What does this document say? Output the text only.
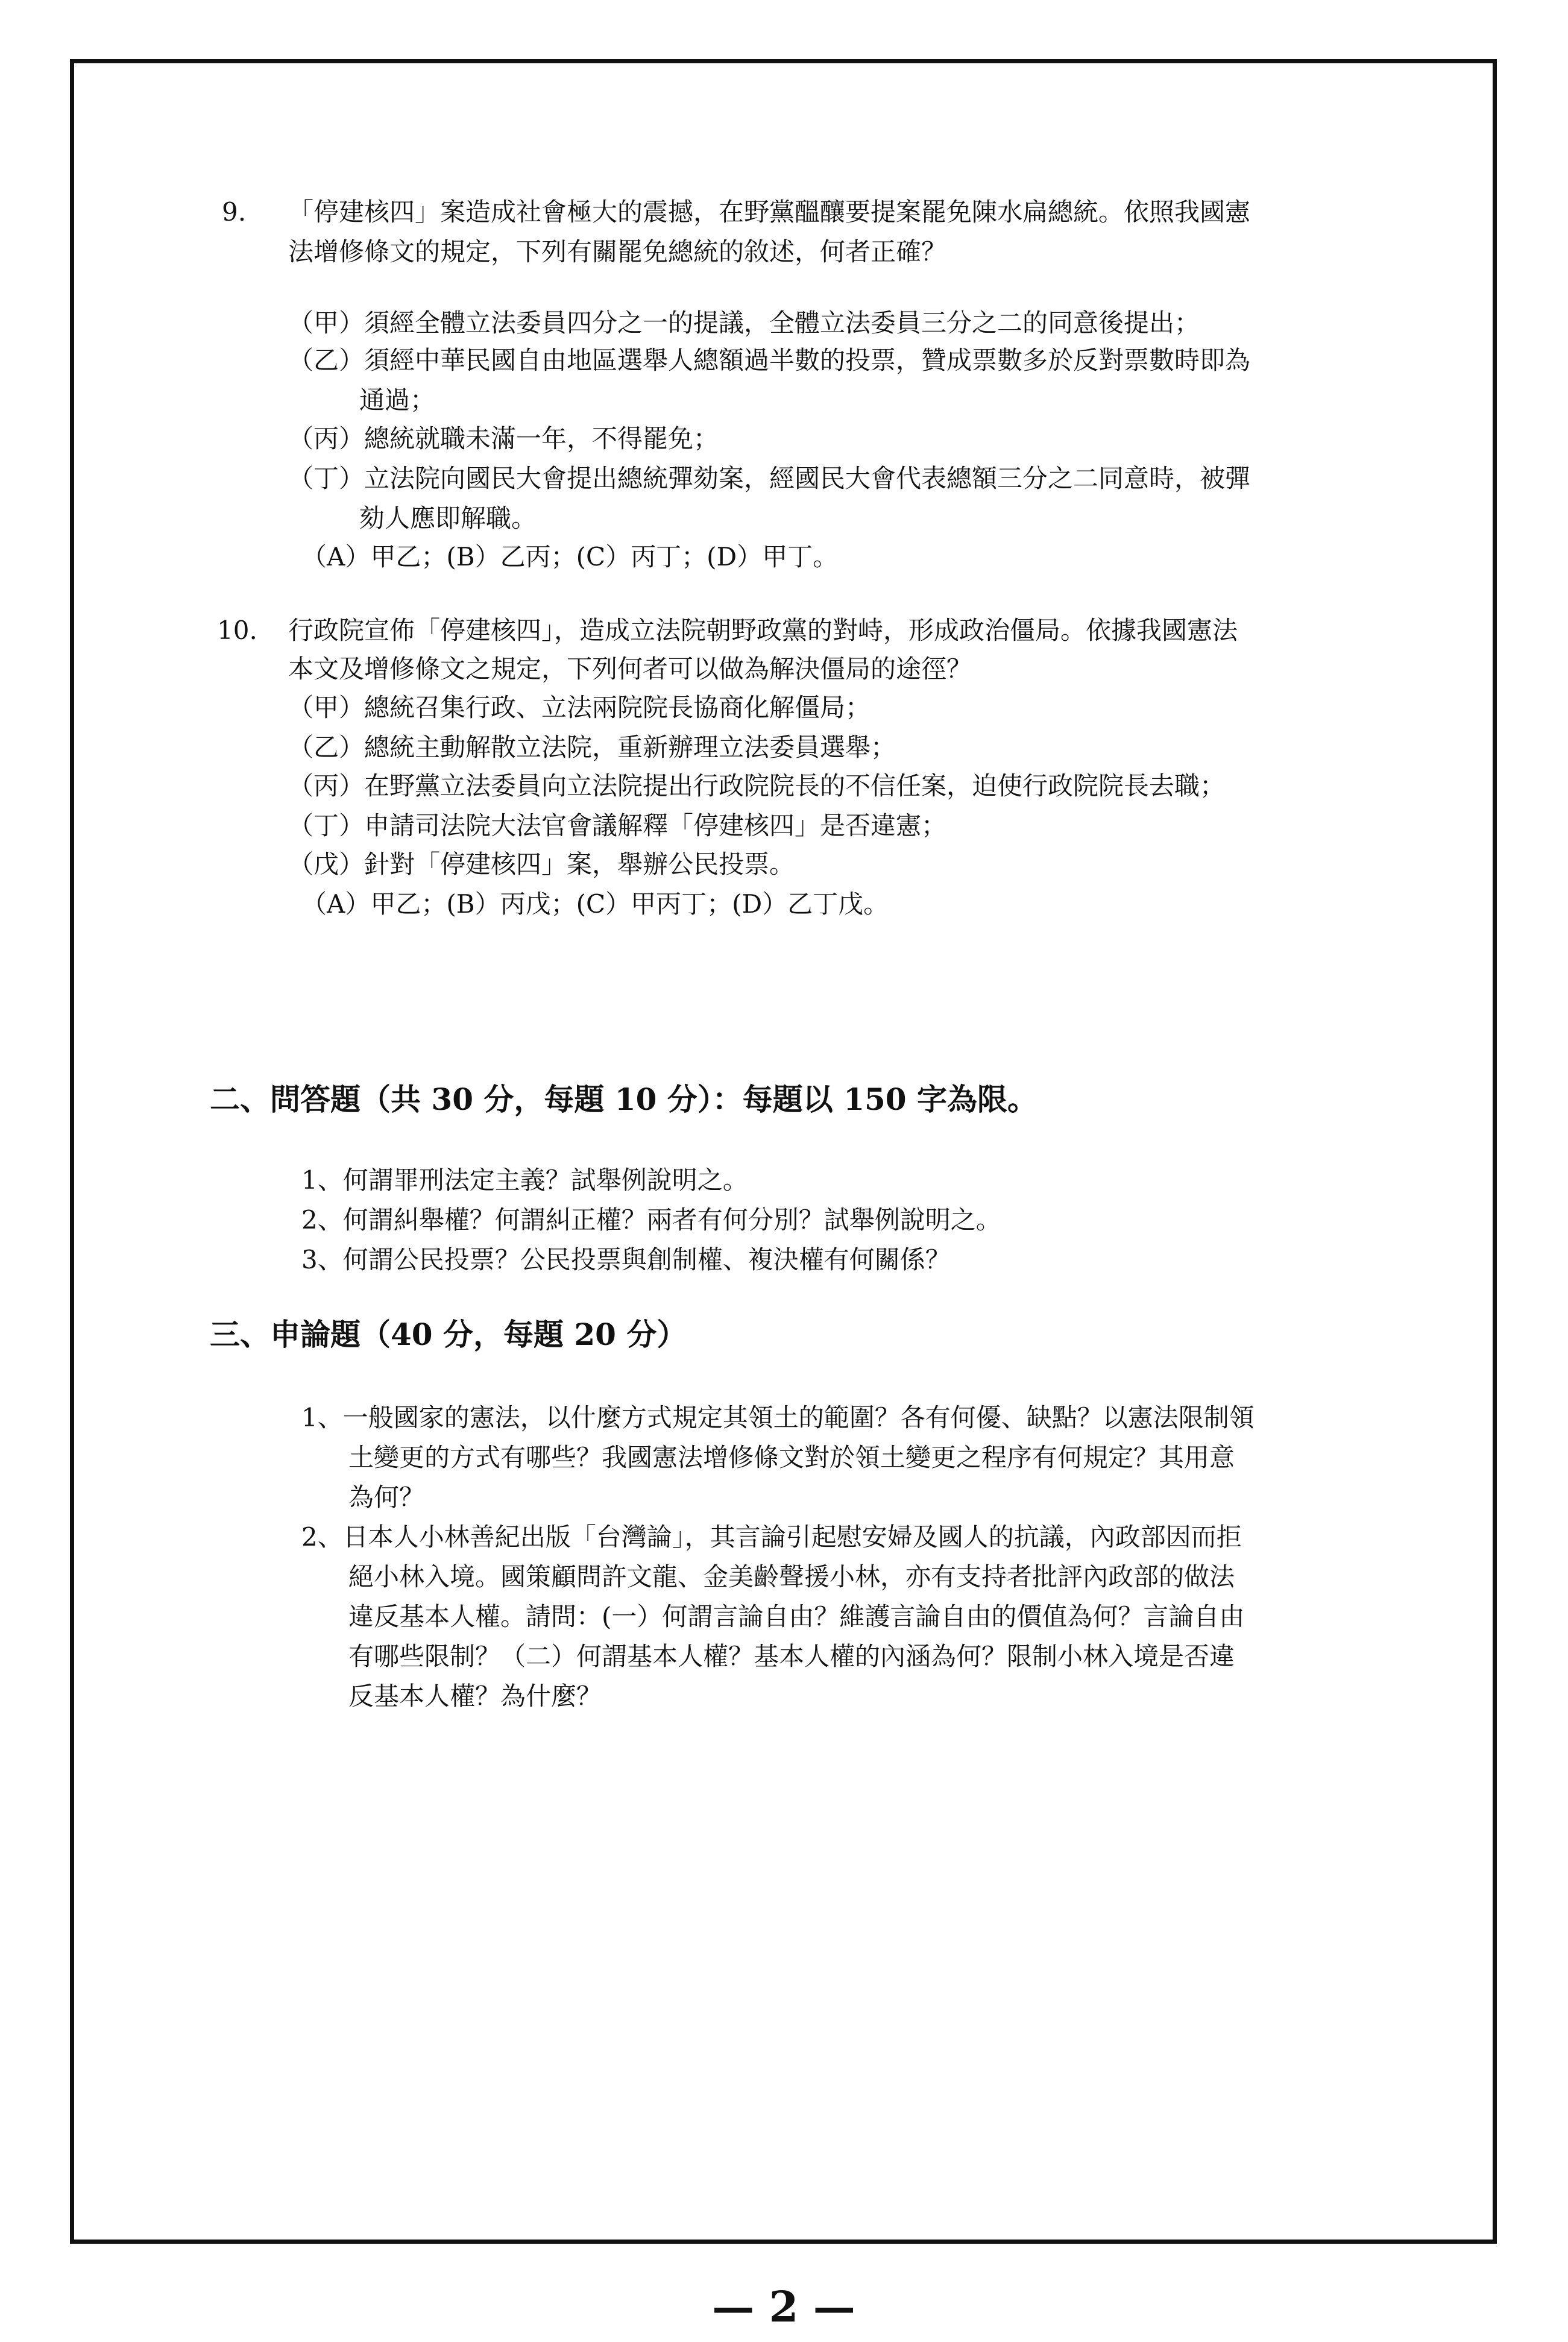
9. 「停建核四」案造成社會極大的震撼，在野黨醞釀要提案罷免陳水扁總統。依照我國憲
法增修條文的規定，下列有關罷免總統的敘述，何者正確？
（甲）須經全體立法委員四分之一的提議，全體立法委員三分之二的同意後提出；
（乙）須經中華民國自由地區選舉人總額過半數的投票，贊成票數多於反對票數時即為
通過；
（丙）總統就職未滿一年，不得罷免；
（丁）立法院向國民大會提出總統彈劾案，經國民大會代表總額三分之二同意時，被彈
劾人應即解職。
（A）甲乙；(B）乙丙；(C）丙丁；(D）甲丁。
10. 行政院宣佈「停建核四」，造成立法院朝野政黨的對峙，形成政治僵局。依據我國憲法
本文及增修條文之規定，下列何者可以做為解決僵局的途徑？
（甲）總統召集行政、立法兩院院長協商化解僵局；
（乙）總統主動解散立法院，重新辦理立法委員選舉；
（丙）在野黨立法委員向立法院提出行政院院長的不信任案，迫使行政院院長去職；
（丁）申請司法院大法官會議解釋「停建核四」是否違憲；
（戊）針對「停建核四」案，舉辦公民投票。
（A）甲乙；(B）丙戊；(C）甲丙丁；(D）乙丁戊。
二、問答題（共 30 分，每題 10 分）：每題以 150 字為限。
1、何謂罪刑法定主義？試舉例說明之。
2、何謂糾舉權？何謂糾正權？兩者有何分別？試舉例說明之。
3、何謂公民投票？公民投票與創制權、複決權有何關係？
三、申論題（40 分，每題 20 分）
1、一般國家的憲法，以什麼方式規定其領土的範圍？各有何優、缺點？以憲法限制領
土變更的方式有哪些？我國憲法增修條文對於領土變更之程序有何規定？其用意
為何？
2、日本人小林善紀出版「台灣論」，其言論引起慰安婦及國人的抗議，內政部因而拒
絕小林入境。國策顧問許文龍、金美齡聲援小林，亦有支持者批評內政部的做法
違反基本人權。請問：(一）何謂言論自由？維護言論自由的價值為何？言論自由
有哪些限制？（二）何謂基本人權？基本人權的內涵為何？限制小林入境是否違
反基本人權？為什麼？
— 2 —
